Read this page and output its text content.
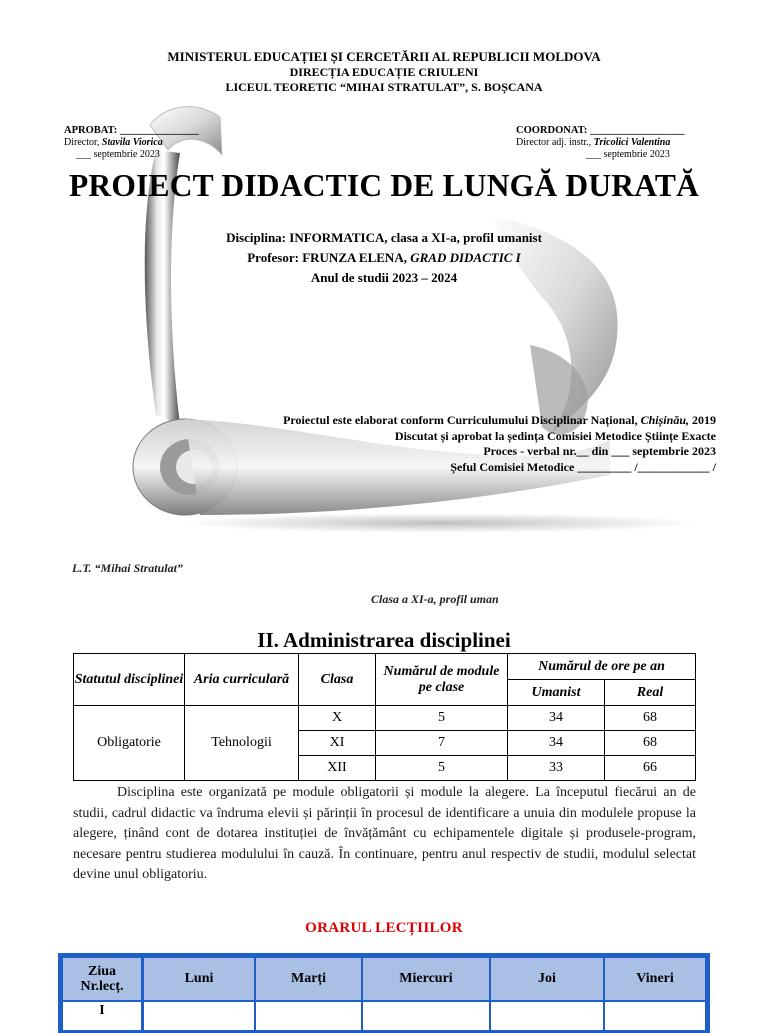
MINISTERUL EDUCAȚIEI ȘI CERCETĂRII AL REPUBLICII MOLDOVA
DIRECȚIA EDUCAȚIE CRIULENI
LICEUL TEORETIC “MIHAI STRATULAT”, S. BOȘCANA
APROBAT: _______________
Director, Stavila Viorica
___ septembrie 2023
COORDONAT: __________________
Director adj. instr., Tricolici Valentina
___ septembrie 2023
PROIECT DIDACTIC DE LUNGĂ DURATĂ
Disciplina: INFORMATICA, clasa a XI-a, profil umanist
Profesor: FRUNZA ELENA, GRAD DIDACTIC I
Anul de studii 2023 – 2024
Proiectul este elaborat conform Curriculumului Disciplinar Național, Chișinău, 2019
Discutat și aprobat la ședința Comisiei Metodice Științe Exacte
Proces - verbal nr.__ din ___ septembrie 2023
Șeful Comisiei Metodice _________ /____________ /
L.T. “Mihai Stratulat”
Clasa a XI-a, profil uman
II. Administrarea disciplinei
Statutul disciplinei	Aria curriculară	Clasa	Numărul de module pe clase	Numărul de ore pe an	
				Umanist	Real
Obligatorie	Tehnologii	X	5	34	68
		XI	7	34	68
		XII	5	33	66
Disciplina este organizată pe module obligatorii și module la alegere. La începutul fiecărui an de studii, cadrul didactic va îndruma elevii și părinții în procesul de identificare a unuia din modulele propuse la alegere, ținând cont de dotarea instituției de învățământ cu echipamentele digitale și produsele-program, necesare pentru studierea modulului în cauză. În continuare, pentru anul respectiv de studii, modulul selectat devine unul obligatoriu.
ORARUL LECȚIILOR
Ziua
Nr.lecț.	Luni	Marți	Miercuri	Joi	Vineri
I					
